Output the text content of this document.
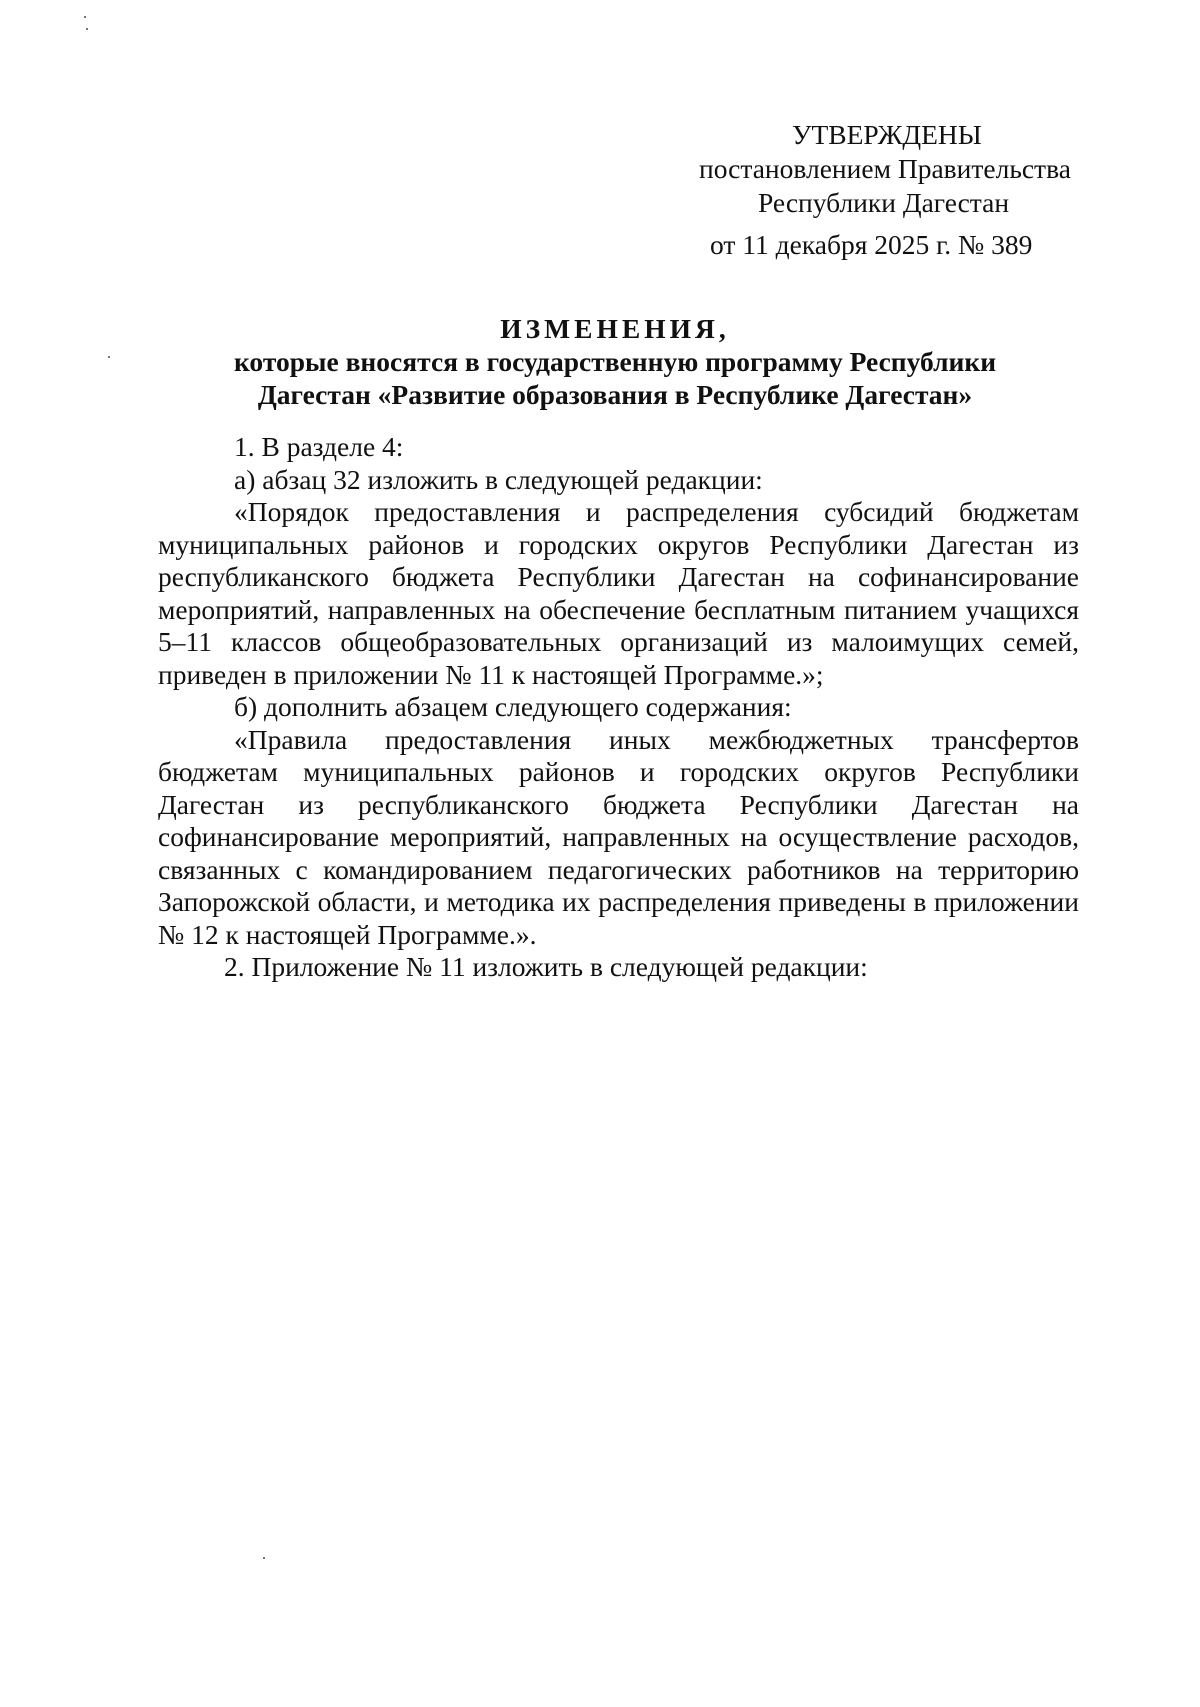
УТВЕРЖДЕНЫ
постановлением Правительства
Республики Дагестан
от 11 декабря 2025 г. № 389
ИЗМЕНЕНИЯ,
которые вносятся в государственную программу Республики
Дагестан «Развитие образования в Республике Дагестан»

1. В разделе 4:

а) абзац 32 изложить в следующей редакции:

«Порядок предоставления и распределения субсидий бюджетам муниципальных районов и городских округов Республики Дагестан из республиканского бюджета Республики Дагестан на софинансирование мероприятий, направленных на обеспечение бесплатным питанием учащихся 5–11 классов общеобразовательных организаций из малоимущих семей, приведен в приложении № 11 к настоящей Программе.»;

б) дополнить абзацем следующего содержания:

«Правила предоставления иных межбюджетных трансфертов бюджетам муниципальных районов и городских округов Республики Дагестан из республиканского бюджета Республики Дагестан на софинансирование мероприятий, направленных на осуществление расходов, связанных с командированием педагогических работников на территорию Запорожской области, и методика их распределения приведены в приложении № 12 к настоящей Программе.».

2. Приложение № 11 изложить в следующей редакции:
